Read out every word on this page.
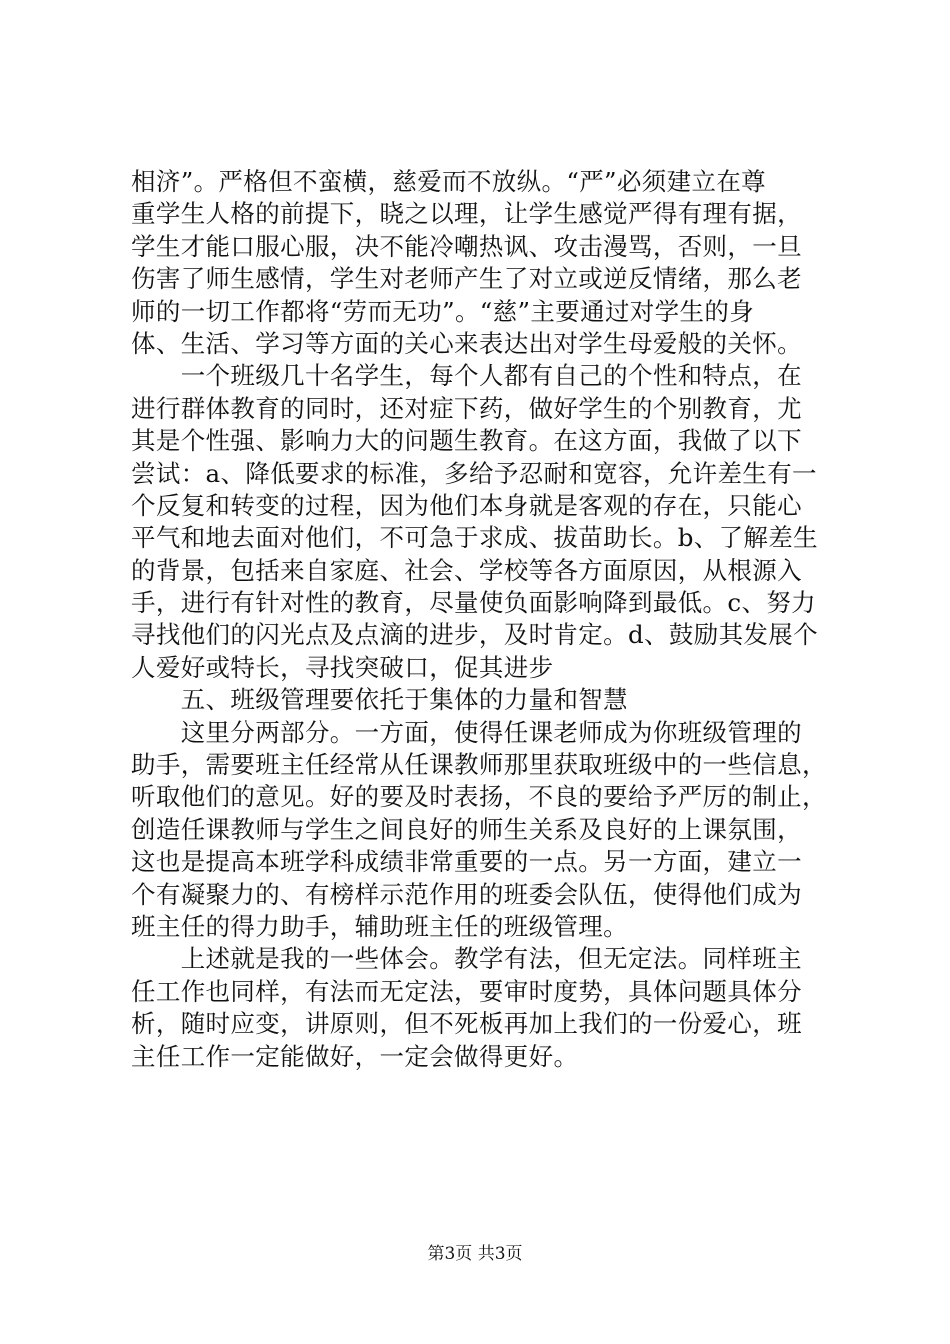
相济”。严格但不蛮横，慈爱而不放纵。“严”必须建立在尊
重学生人格的前提下，晓之以理，让学生感觉严得有理有据，
学生才能口服心服，决不能冷嘲热讽、攻击漫骂，否则，一旦
伤害了师生感情，学生对老师产生了对立或逆反情绪，那么老
师的一切工作都将“劳而无功”。“慈”主要通过对学生的身
体、生活、学习等方面的关心来表达出对学生母爱般的关怀。
　　一个班级几十名学生，每个人都有自己的个性和特点，在
进行群体教育的同时，还对症下药，做好学生的个别教育，尤
其是个性强、影响力大的问题生教育。在这方面，我做了以下
尝试：a、降低要求的标准，多给予忍耐和宽容，允许差生有一
个反复和转变的过程，因为他们本身就是客观的存在，只能心
平气和地去面对他们，不可急于求成、拔苗助长。b、了解差生
的背景，包括来自家庭、社会、学校等各方面原因，从根源入
手，进行有针对性的教育，尽量使负面影响降到最低。c、努力
寻找他们的闪光点及点滴的进步，及时肯定。d、鼓励其发展个
人爱好或特长，寻找突破口，促其进步
　　五、班级管理要依托于集体的力量和智慧
　　这里分两部分。一方面，使得任课老师成为你班级管理的
助手，需要班主任经常从任课教师那里获取班级中的一些信息，
听取他们的意见。好的要及时表扬，不良的要给予严厉的制止，
创造任课教师与学生之间良好的师生关系及良好的上课氛围，
这也是提高本班学科成绩非常重要的一点。另一方面，建立一
个有凝聚力的、有榜样示范作用的班委会队伍，使得他们成为
班主任的得力助手，辅助班主任的班级管理。
　　上述就是我的一些体会。教学有法，但无定法。同样班主
任工作也同样，有法而无定法，要审时度势，具体问题具体分
析，随时应变，讲原则，但不死板再加上我们的一份爱心，班
主任工作一定能做好，一定会做得更好。
第3页 共3页
